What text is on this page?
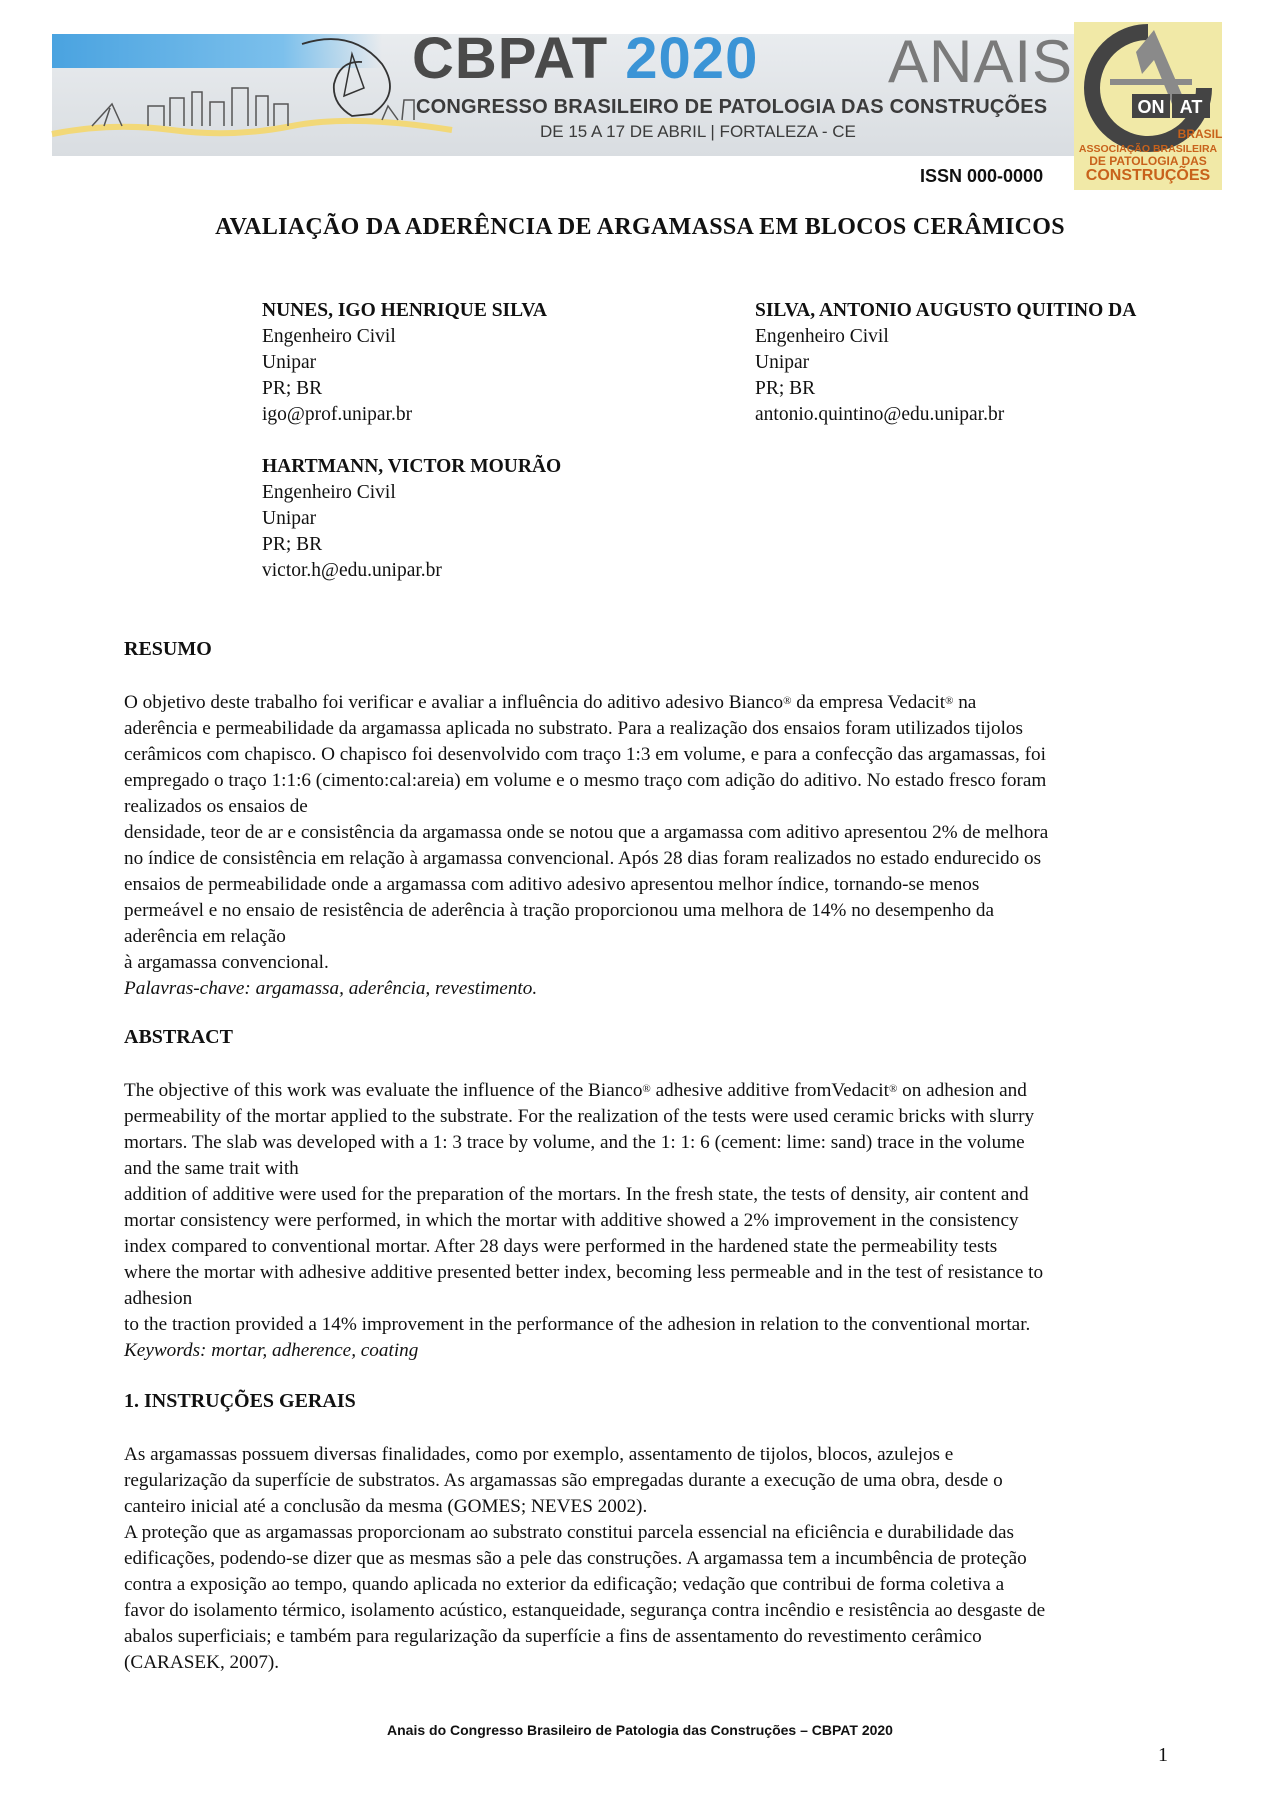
CBPAT 2020 ANAIS
CONGRESSO BRASILEIRO DE PATOLOGIA DAS CONSTRUÇÕES
DE 15 A 17 DE ABRIL | FORTALEZA - CE
ISSN 000-0000
ON AT
BRASIL
ASSOCIAÇÃO BRASILEIRA
DE PATOLOGIA DAS
CONSTRUÇÕES
AVALIAÇÃO DA ADERÊNCIA DE ARGAMASSA EM BLOCOS CERÂMICOS
NUNES, IGO HENRIQUE SILVA
Engenheiro Civil
Unipar
PR; BR
igo@prof.unipar.br
SILVA, ANTONIO AUGUSTO QUITINO DA
Engenheiro Civil
Unipar
PR; BR
antonio.quintino@edu.unipar.br
HARTMANN, VICTOR MOURÃO
Engenheiro Civil
Unipar
PR; BR
victor.h@edu.unipar.br
RESUMO
O objetivo deste trabalho foi verificar e avaliar a influência do aditivo adesivo Bianco® da empresa Vedacit® na
aderência e permeabilidade da argamassa aplicada no substrato. Para a realização dos ensaios foram utilizados tijolos
cerâmicos com chapisco. O chapisco foi desenvolvido com traço 1:3 em volume, e para a confecção das argamassas, foi
empregado o traço 1:1:6 (cimento:cal:areia) em volume e o mesmo traço com adição do aditivo. No estado fresco foram
realizados os ensaios de
densidade, teor de ar e consistência da argamassa onde se notou que a argamassa com aditivo apresentou 2% de melhora
no índice de consistência em relação à argamassa convencional. Após 28 dias foram realizados no estado endurecido os
ensaios de permeabilidade onde a argamassa com aditivo adesivo apresentou melhor índice, tornando-se menos
permeável e no ensaio de resistência de aderência à tração proporcionou uma melhora de 14% no desempenho da
aderência em relação
à argamassa convencional.
Palavras-chave: argamassa, aderência, revestimento.
ABSTRACT
The objective of this work was evaluate the influence of the Bianco® adhesive additive fromVedacit® on adhesion and
permeability of the mortar applied to the substrate. For the realization of the tests were used ceramic bricks with slurry
mortars. The slab was developed with a 1: 3 trace by volume, and the 1: 1: 6 (cement: lime: sand) trace in the volume
and the same trait with
addition of additive were used for the preparation of the mortars. In the fresh state, the tests of density, air content and
mortar consistency were performed, in which the mortar with additive showed a 2% improvement in the consistency
index compared to conventional mortar. After 28 days were performed in the hardened state the permeability tests
where the mortar with adhesive additive presented better index, becoming less permeable and in the test of resistance to
adhesion
to the traction provided a 14% improvement in the performance of the adhesion in relation to the conventional mortar.
Keywords: mortar, adherence, coating
1. INSTRUÇÕES GERAIS
As argamassas possuem diversas finalidades, como por exemplo, assentamento de tijolos, blocos, azulejos e
regularização da superfície de substratos. As argamassas são empregadas durante a execução de uma obra, desde o
canteiro inicial até a conclusão da mesma (GOMES; NEVES 2002).
A proteção que as argamassas proporcionam ao substrato constitui parcela essencial na eficiência e durabilidade das
edificações, podendo-se dizer que as mesmas são a pele das construções. A argamassa tem a incumbência de proteção
contra a exposição ao tempo, quando aplicada no exterior da edificação; vedação que contribui de forma coletiva a
favor do isolamento térmico, isolamento acústico, estanqueidade, segurança contra incêndio e resistência ao desgaste de
abalos superficiais; e também para regularização da superfície a fins de assentamento do revestimento cerâmico
(CARASEK, 2007).
Anais do Congresso Brasileiro de Patologia das Construções – CBPAT 2020
1
